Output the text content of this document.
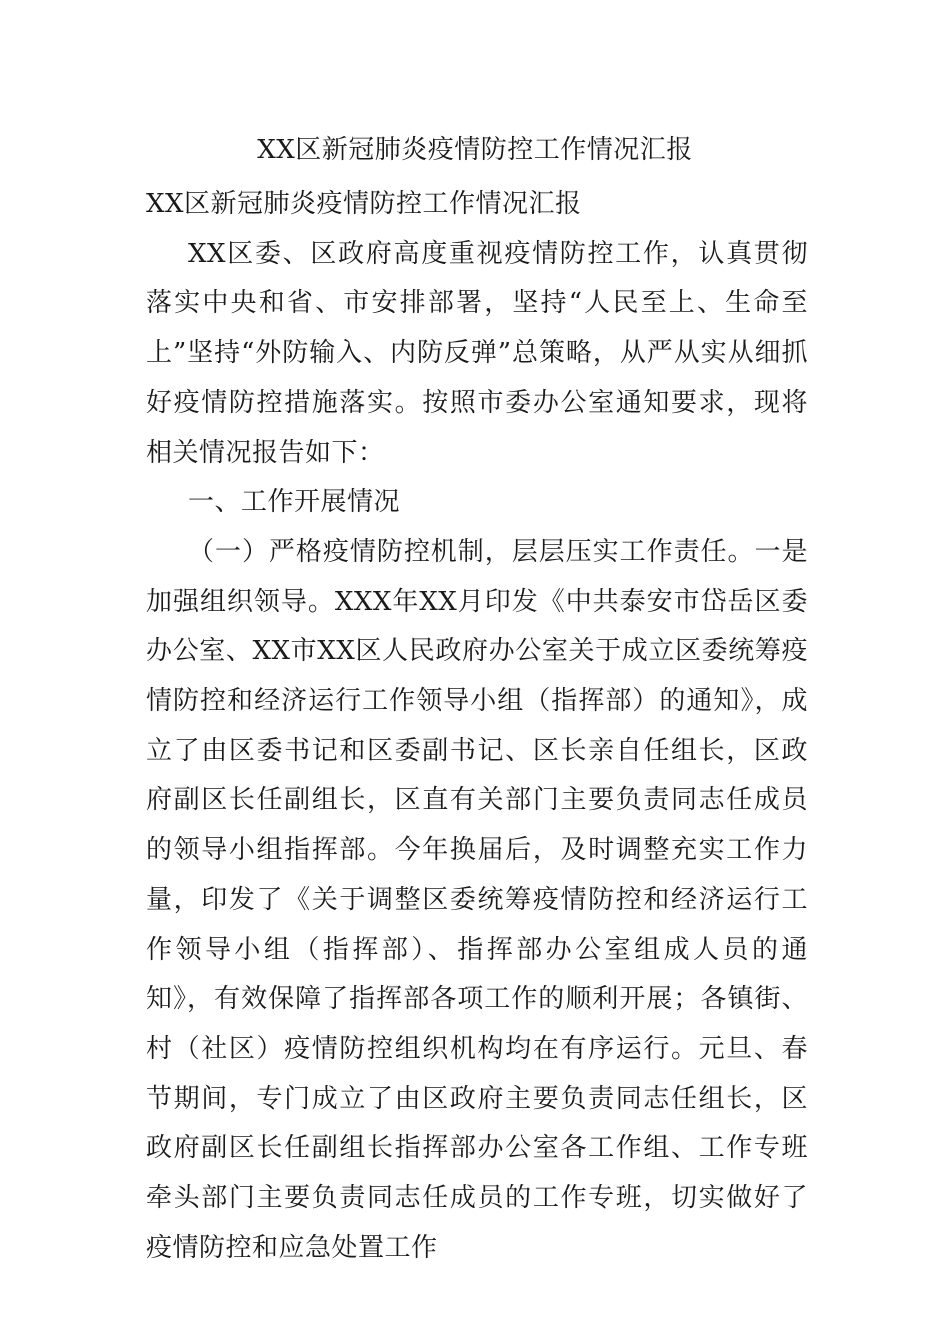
XX区新冠肺炎疫情防控工作情况汇报

XX区新冠肺炎疫情防控工作情况汇报

XX区委、区政府高度重视疫情防控工作，认真贯彻落实中央和省、市安排部署，坚持“人民至上、生命至上”坚持“外防输入、内防反弹”总策略，从严从实从细抓好疫情防控措施落实。按照市委办公室通知要求，现将相关情况报告如下：

一、工作开展情况

（一）严格疫情防控机制，层层压实工作责任。一是加强组织领导。XXX年XX月印发《中共泰安市岱岳区委办公室、XX市XX区人民政府办公室关于成立区委统筹疫情防控和经济运行工作领导小组（指挥部）的通知》，成立了由区委书记和区委副书记、区长亲自任组长，区政府副区长任副组长，区直有关部门主要负责同志任成员的领导小组指挥部。今年换届后，及时调整充实工作力量，印发了《关于调整区委统筹疫情防控和经济运行工作领导小组（指挥部）、指挥部办公室组成人员的通知》，有效保障了指挥部各项工作的顺利开展；各镇街、村（社区）疫情防控组织机构均在有序运行。元旦、春节期间，专门成立了由区政府主要负责同志任组长，区政府副区长任副组长指挥部办公室各工作组、工作专班牵头部门主要负责同志任成员的工作专班，切实做好了疫情防控和应急处置工作
